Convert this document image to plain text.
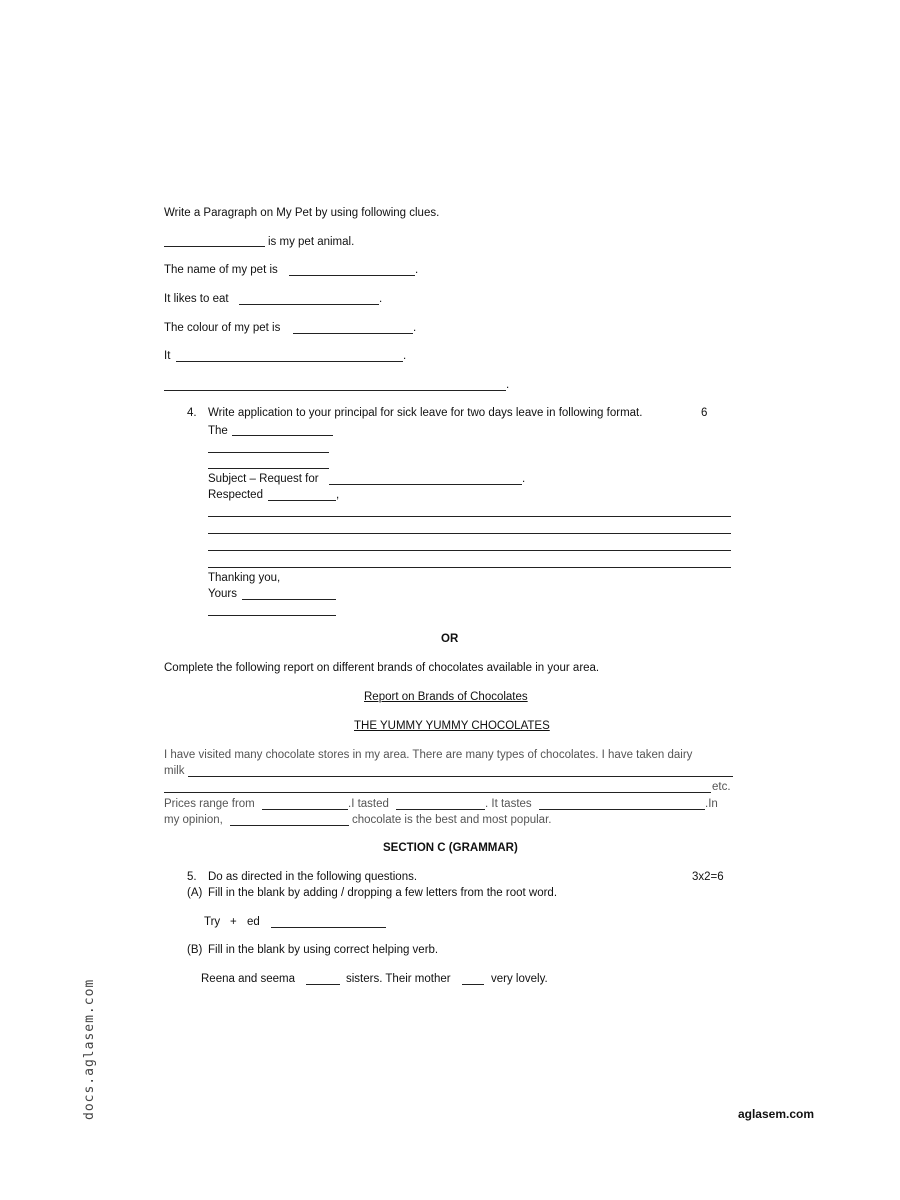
Write a Paragraph on My Pet by using following clues.
is my pet animal.
The name of my pet is	.
It likes to eat	.
The colour of my pet is	.
It	.
.
4. Write application to your principal for sick leave for two days leave in following format.	6
The
Subject – Request for	.
Respected	,
Thanking you,
Yours
OR
Complete the following report on different brands of chocolates available in your area.
Report on Brands of Chocolates
THE YUMMY YUMMY CHOCOLATES
I have visited many chocolate stores in my area. There are many types of chocolates. I have taken dairy
milk
etc.
Prices range from	.I tasted	. It tastes	.In
my opinion,	chocolate is the best and most popular.
SECTION C (GRAMMAR)
5. Do as directed in the following questions.	3x2=6
(A) Fill in the blank by adding / dropping a few letters from the root word.
Try + ed
(B) Fill in the blank by using correct helping verb.
Reena and seema	sisters. Their mother	very lovely.
docs.aglasem.com	aglasem.com
